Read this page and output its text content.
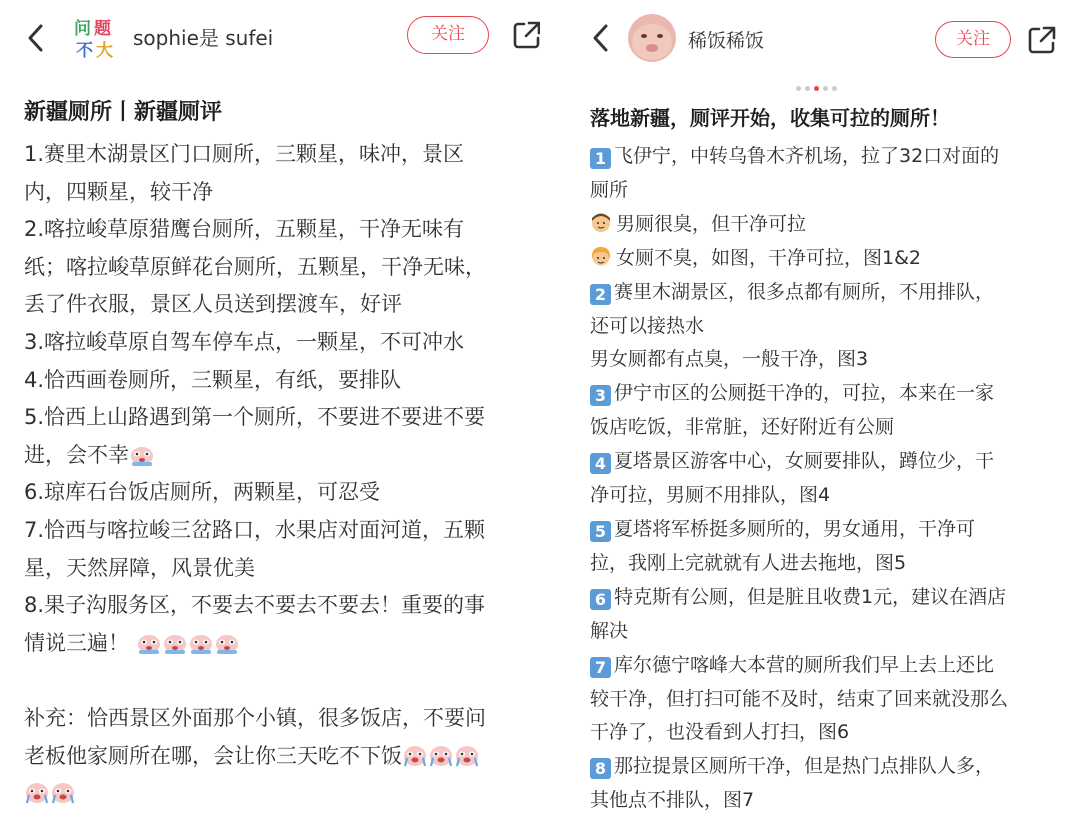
问 题
不 大
sophie是 sufei	关注
新疆厕所丨新疆厕评
1.赛里木湖景区门口厕所，三颗星，味冲，景区
内，四颗星，较干净
2.喀拉峻草原猎鹰台厕所，五颗星，干净无味有
纸；喀拉峻草原鲜花台厕所，五颗星，干净无味，
丢了件衣服，景区人员送到摆渡车，好评
3.喀拉峻草原自驾车停车点，一颗星，不可冲水
4.恰西画卷厕所，三颗星，有纸，要排队
5.恰西上山路遇到第一个厕所，不要进不要进不要
进，会不幸
6.琼库石台饭店厕所，两颗星，可忍受
7.恰西与喀拉峻三岔路口，水果店对面河道，五颗
星，天然屏障，风景优美
8.果子沟服务区，不要去不要去不要去！重要的事
情说三遍！

补充：恰西景区外面那个小镇，很多饭店，不要问
老板他家厕所在哪，会让你三天吃不下饭
稀饭稀饭	关注
落地新疆，厕评开始，收集可拉的厕所！
1 飞伊宁，中转乌鲁木齐机场，拉了32口对面的
厕所
男厕很臭，但干净可拉
女厕不臭，如图，干净可拉，图1&2
2 赛里木湖景区，很多点都有厕所，不用排队，
还可以接热水
男女厕都有点臭，一般干净，图3
3 伊宁市区的公厕挺干净的，可拉，本来在一家
饭店吃饭，非常脏，还好附近有公厕
4 夏塔景区游客中心，女厕要排队，蹲位少，干
净可拉，男厕不用排队，图4
5 夏塔将军桥挺多厕所的，男女通用，干净可
拉，我刚上完就就有人进去拖地，图5
6 特克斯有公厕，但是脏且收费1元，建议在酒店
解决
7 库尔德宁喀峰大本营的厕所我们早上去上还比
较干净，但打扫可能不及时，结束了回来就没那么
干净了，也没看到人打扫，图6
8 那拉提景区厕所干净，但是热门点排队人多，
其他点不排队，图7
